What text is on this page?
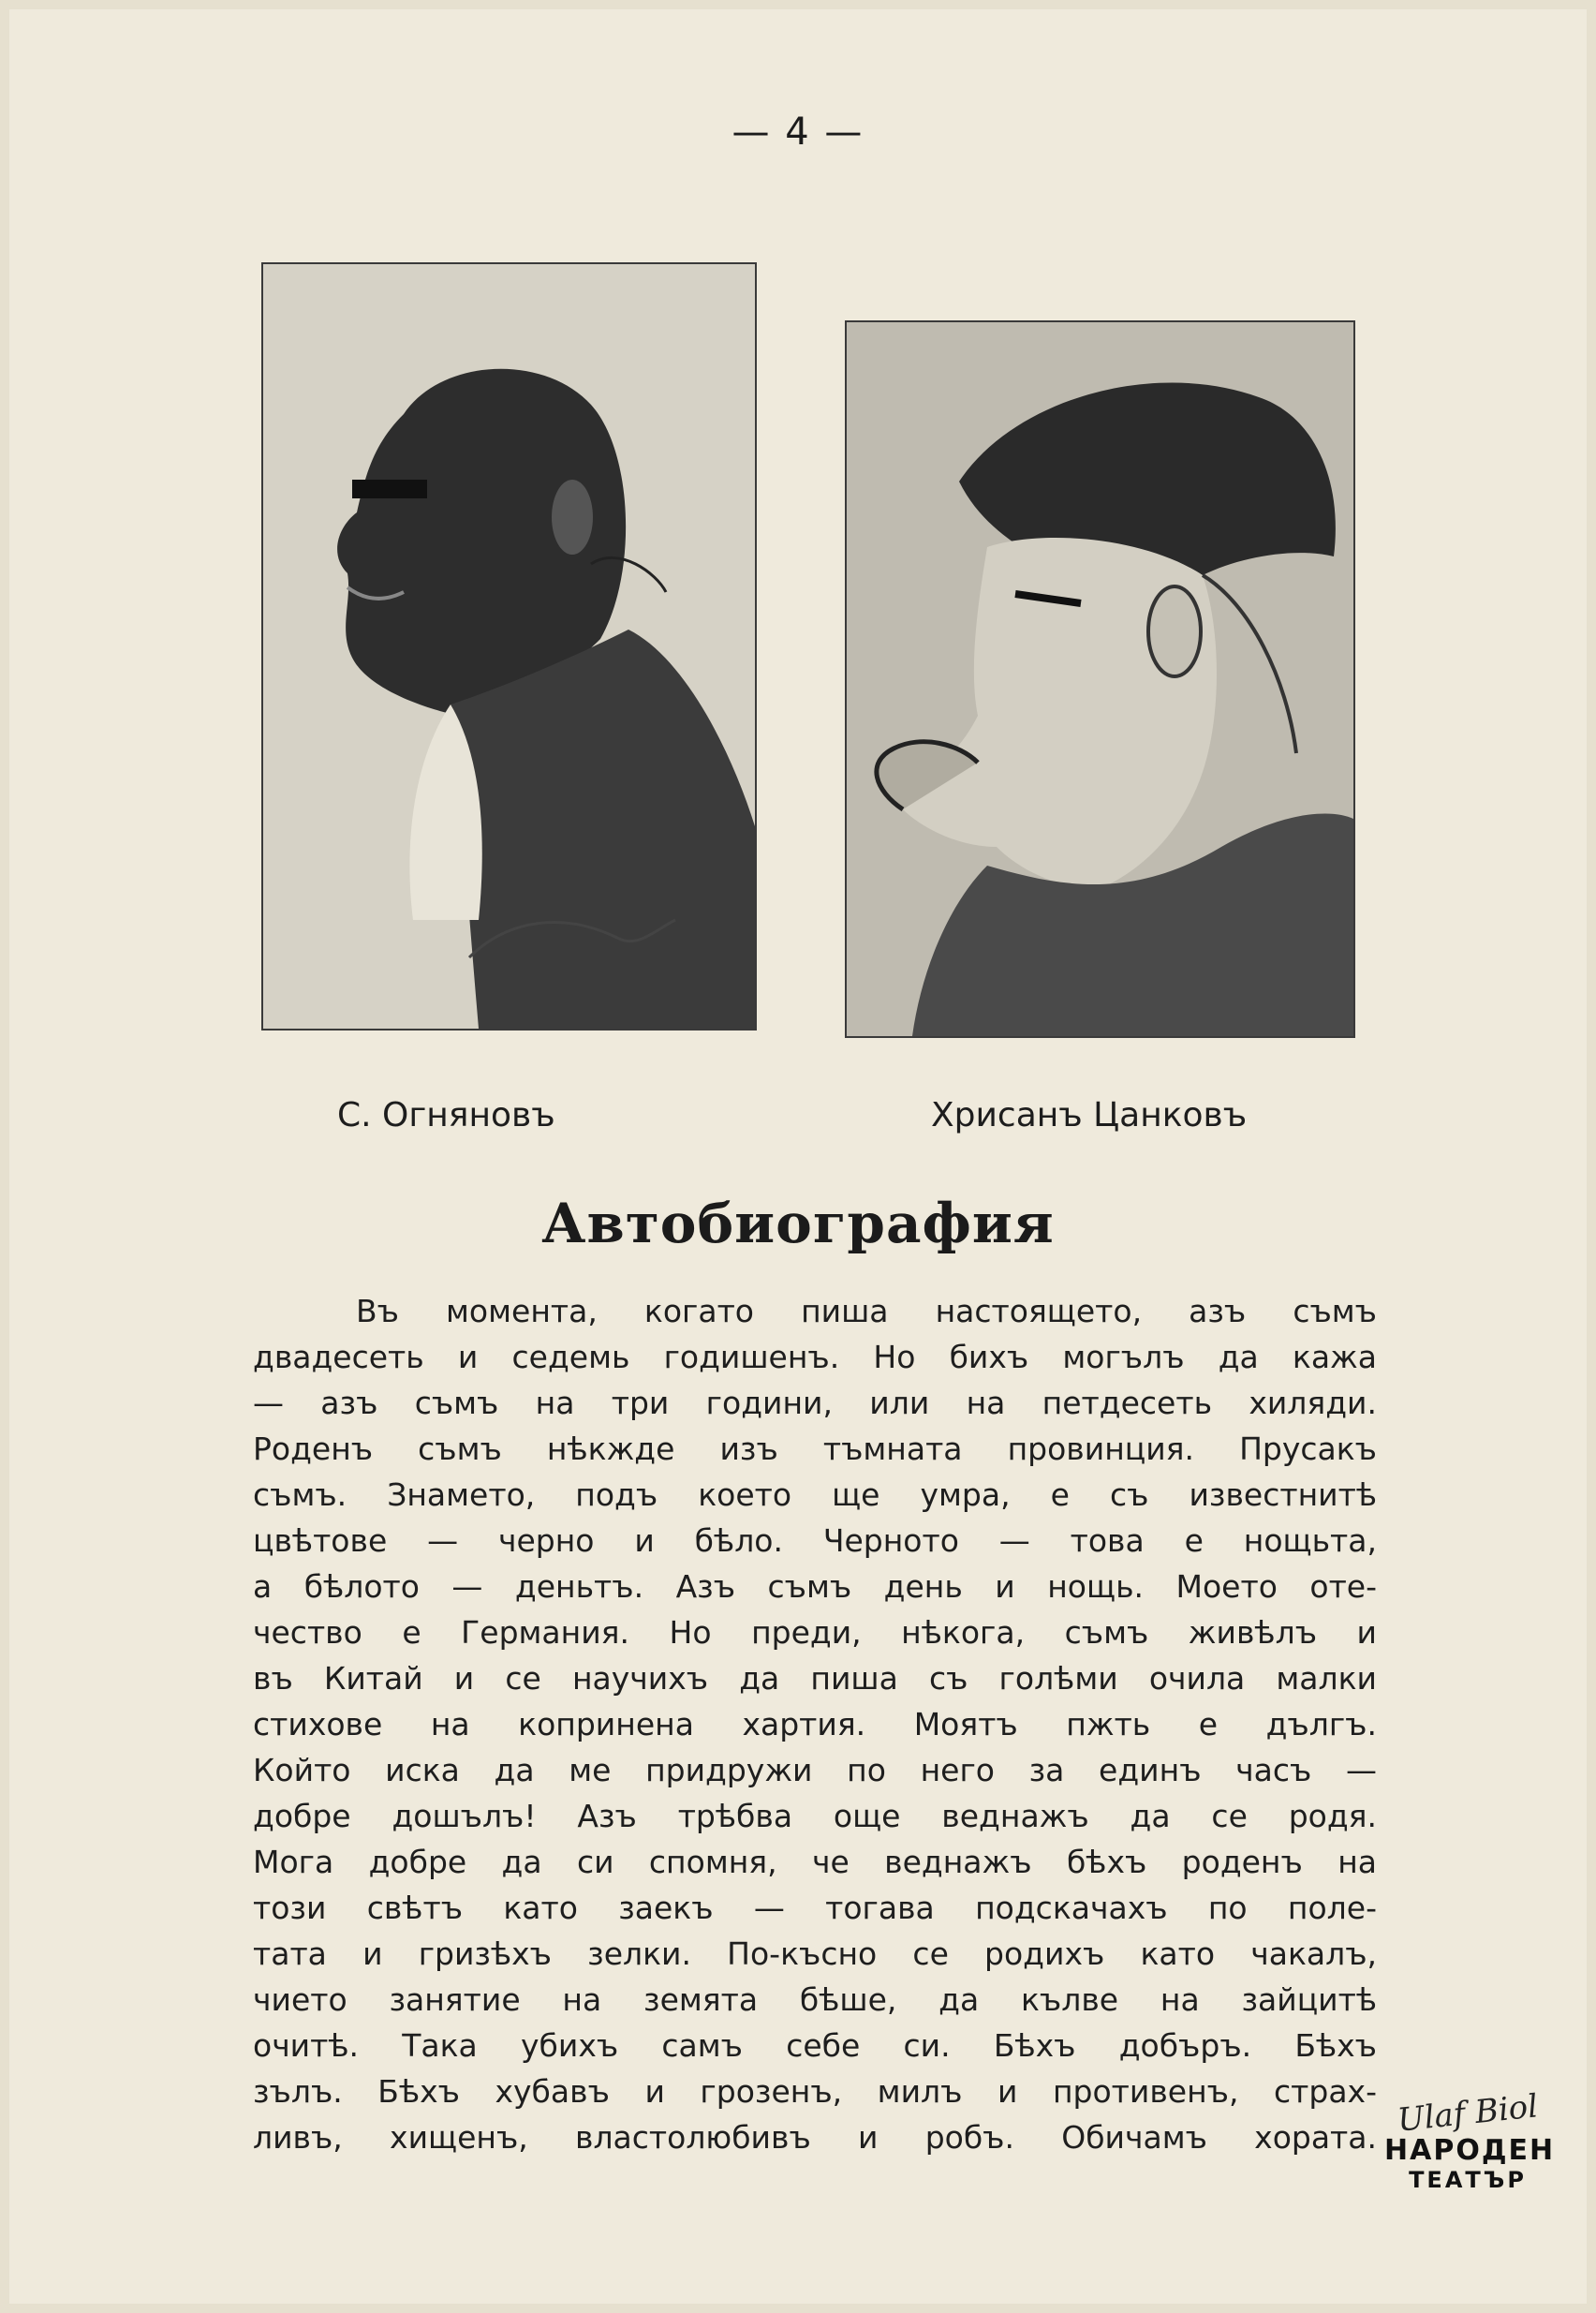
— 4 —
С. Огняновъ	Хрисанъ Цанковъ
Автобиография
Въ момента, когато пиша настоящето, азъ съмъ
двадесеть и седемь годишенъ. Но бихъ могълъ да кажа
— азъ съмъ на три години, или на петдесеть хиляди.
Роденъ съмъ нѣкжде изъ тъмната провинция. Прусакъ
съмъ. Знамето, подъ което ще умра, е съ известнитѣ
цвѣтове — черно и бѣло. Черното — това е нощьта,
а бѣлото — деньтъ. Азъ съмъ день и нощь. Моето оте-
чество е Германия. Но преди, нѣкога, съмъ живѣлъ и
въ Китай и се научихъ да пиша съ голѣми очила малки
стихове на копринена хартия. Моятъ пжть е дългъ.
Който иска да ме придружи по него за единъ часъ —
добре дошълъ! Азъ трѣбва още веднажъ да се родя.
Мога добре да си спомня, че веднажъ бѣхъ роденъ на
този свѣтъ като заекъ — тогава подскачахъ по поле-
тата и гризѣхъ зелки. По-късно се родихъ като чакалъ,
чието занятие на земята бѣше, да кълве на зайцитѣ
очитѣ. Така убихъ самъ себе си. Бѣхъ добъръ. Бѣхъ
зълъ. Бѣхъ хубавъ и грозенъ, милъ и противенъ, страх-
ливъ, хищенъ, властолюбивъ и робъ. Обичамъ хората. Ulaf Biol
НАРОДЕН
ТЕАТЪР
